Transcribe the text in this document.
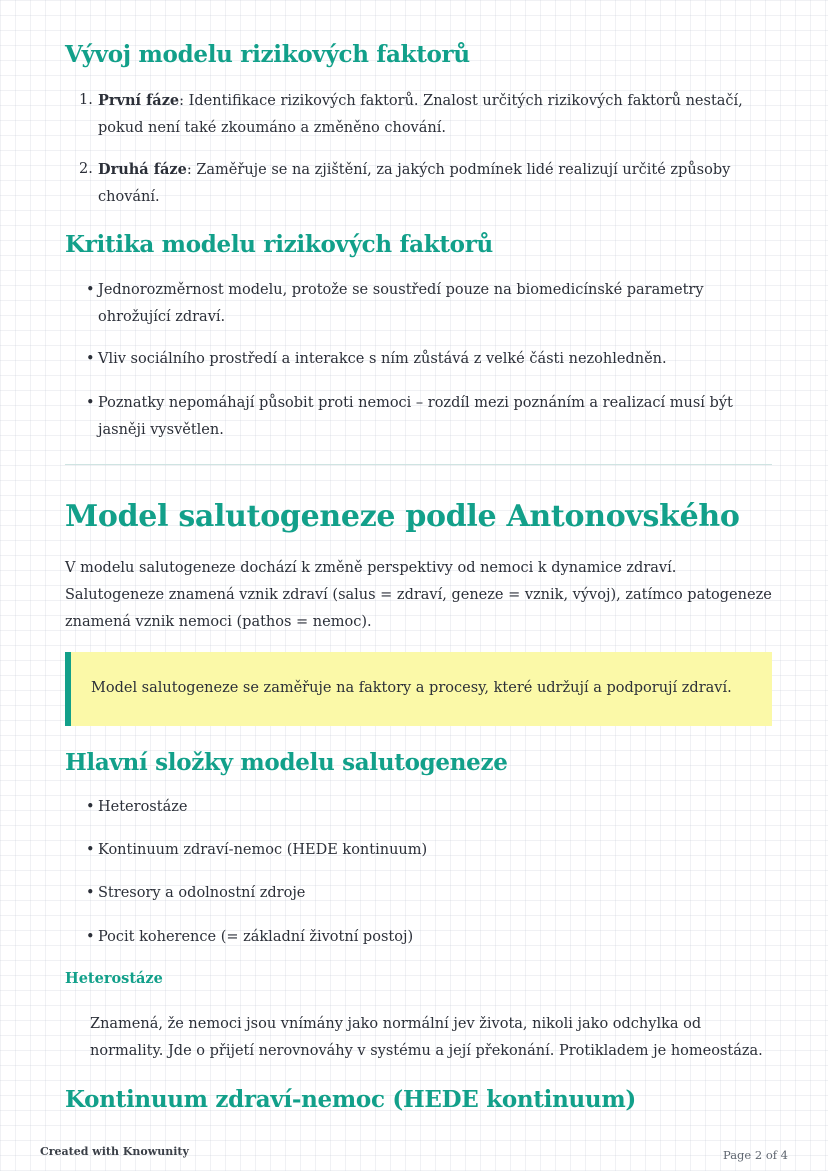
Vývoj modelu rizikových faktorů
1. První fáze: Identifikace rizikových faktorů. Znalost určitých rizikových faktorů nestačí,
pokud není také zkoumáno a změněno chování.
2. Druhá fáze: Zaměřuje se na zjištění, za jakých podmínek lidé realizují určité způsoby
chování.
Kritika modelu rizikových faktorů
• Jednorozměrnost modelu, protože se soustředí pouze na biomedicínské parametry
ohrožující zdraví.
• Vliv sociálního prostředí a interakce s ním zůstává z velké části nezohledněn.
• Poznatky nepomáhají působit proti nemoci – rozdíl mezi poznáním a realizací musí být
jasněji vysvětlen.
Model salutogeneze podle Antonovského
V modelu salutogeneze dochází k změně perspektivy od nemoci k dynamice zdraví.
Salutogeneze znamená vznik zdraví (salus = zdraví, geneze = vznik, vývoj), zatímco patogeneze
znamená vznik nemoci (pathos = nemoc).
Model salutogeneze se zaměřuje na faktory a procesy, které udržují a podporují zdraví.
Hlavní složky modelu salutogeneze
• Heterostáze
• Kontinuum zdraví-nemoc (HEDE kontinuum)
• Stresory a odolnostní zdroje
• Pocit koherence (= základní životní postoj)
Heterostáze
Znamená, že nemoci jsou vnímány jako normální jev života, nikoli jako odchylka od
normality. Jde o přijetí nerovnováhy v systému a její překonání. Protikladem je homeostáza.
Kontinuum zdraví-nemoc (HEDE kontinuum)
Created with Knowunity	Page 2 of 4
